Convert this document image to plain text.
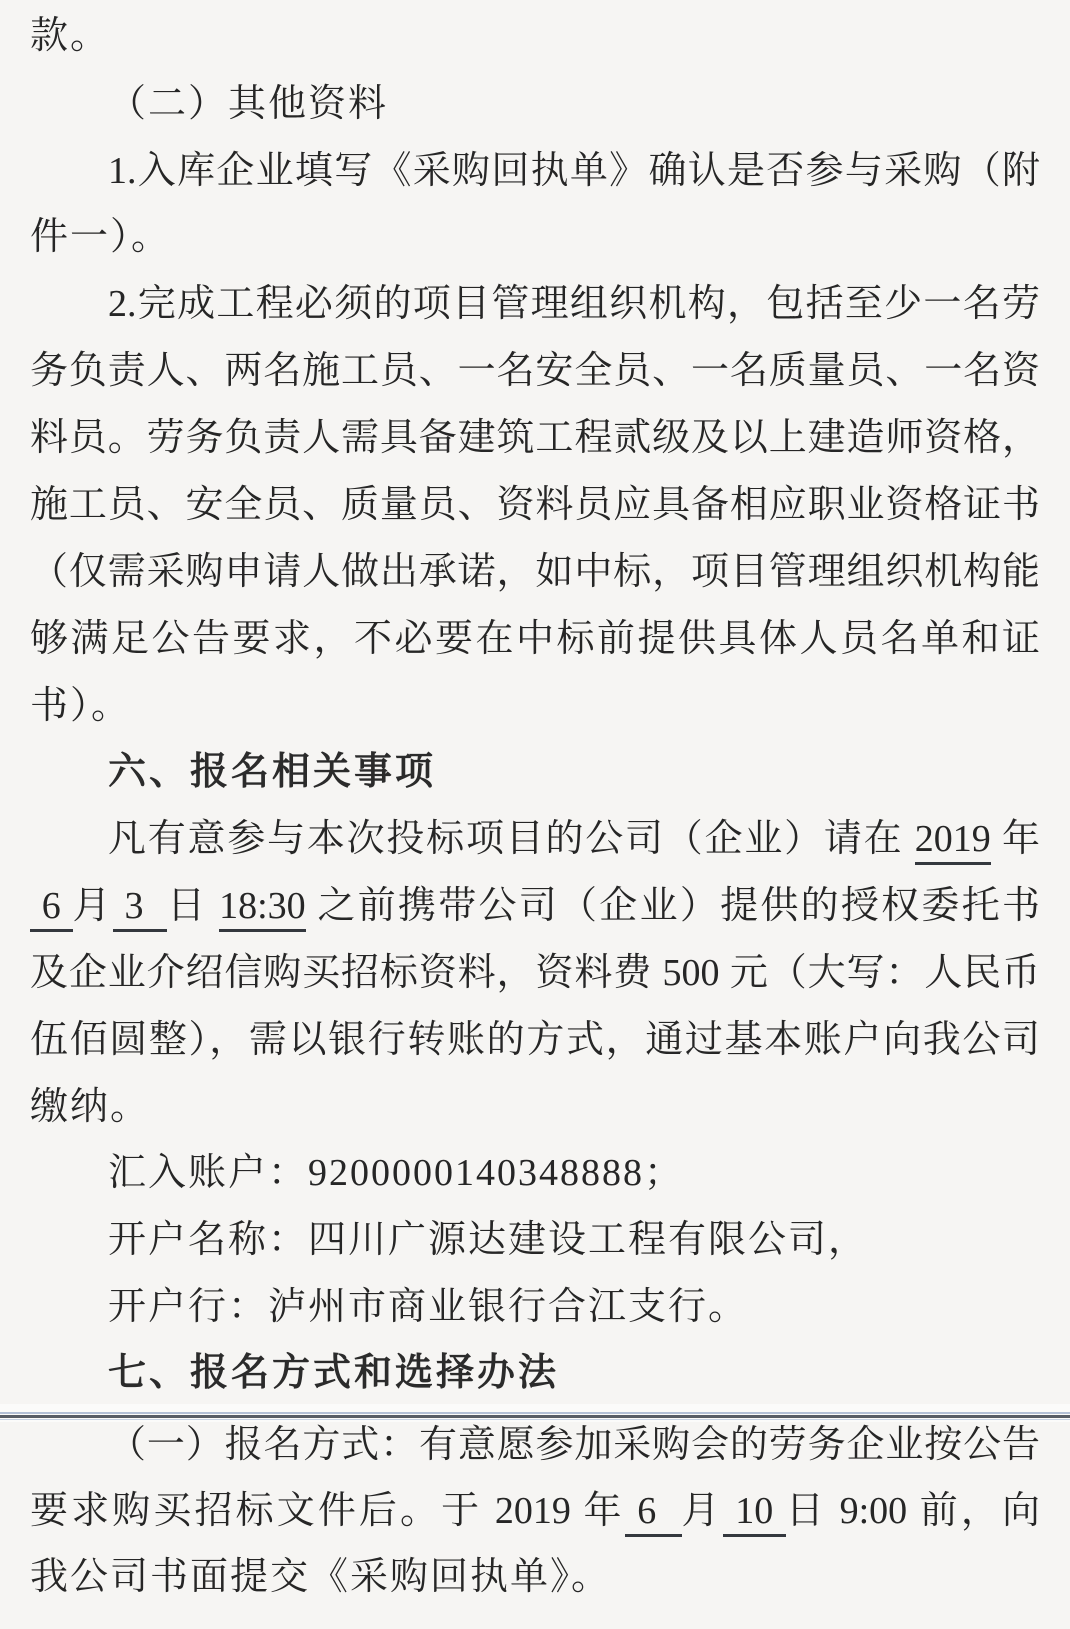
款。
（二）其他资料
1.入库企业填写《采购回执单》确认是否参与采购（附
件一）。
2.完成工程必须的项目管理组织机构，包括至少一名劳
务负责人、两名施工员、一名安全员、一名质量员、一名资
料员。劳务负责人需具备建筑工程贰级及以上建造师资格，
施工员、安全员、质量员、资料员应具备相应职业资格证书
（仅需采购申请人做出承诺，如中标，项目管理组织机构能
够满足公告要求，不必要在中标前提供具体人员名单和证
书）。
六、报名相关事项
凡有意参与本次投标项目的公司（企业）请在 2019 年
6 月 3  日 18:30 之前携带公司（企业）提供的授权委托书
及企业介绍信购买招标资料，资料费 500 元（大写：人民币
伍佰圆整），需以银行转账的方式，通过基本账户向我公司
缴纳。
汇入账户：9200000140348888；
开户名称：四川广源达建设工程有限公司，
开户行：泸州市商业银行合江支行。
七、报名方式和选择办法
（一）报名方式：有意愿参加采购会的劳务企业按公告
要求购买招标文件后。于 2019 年 6  月 10 日 9:00 前，向
我公司书面提交《采购回执单》。
